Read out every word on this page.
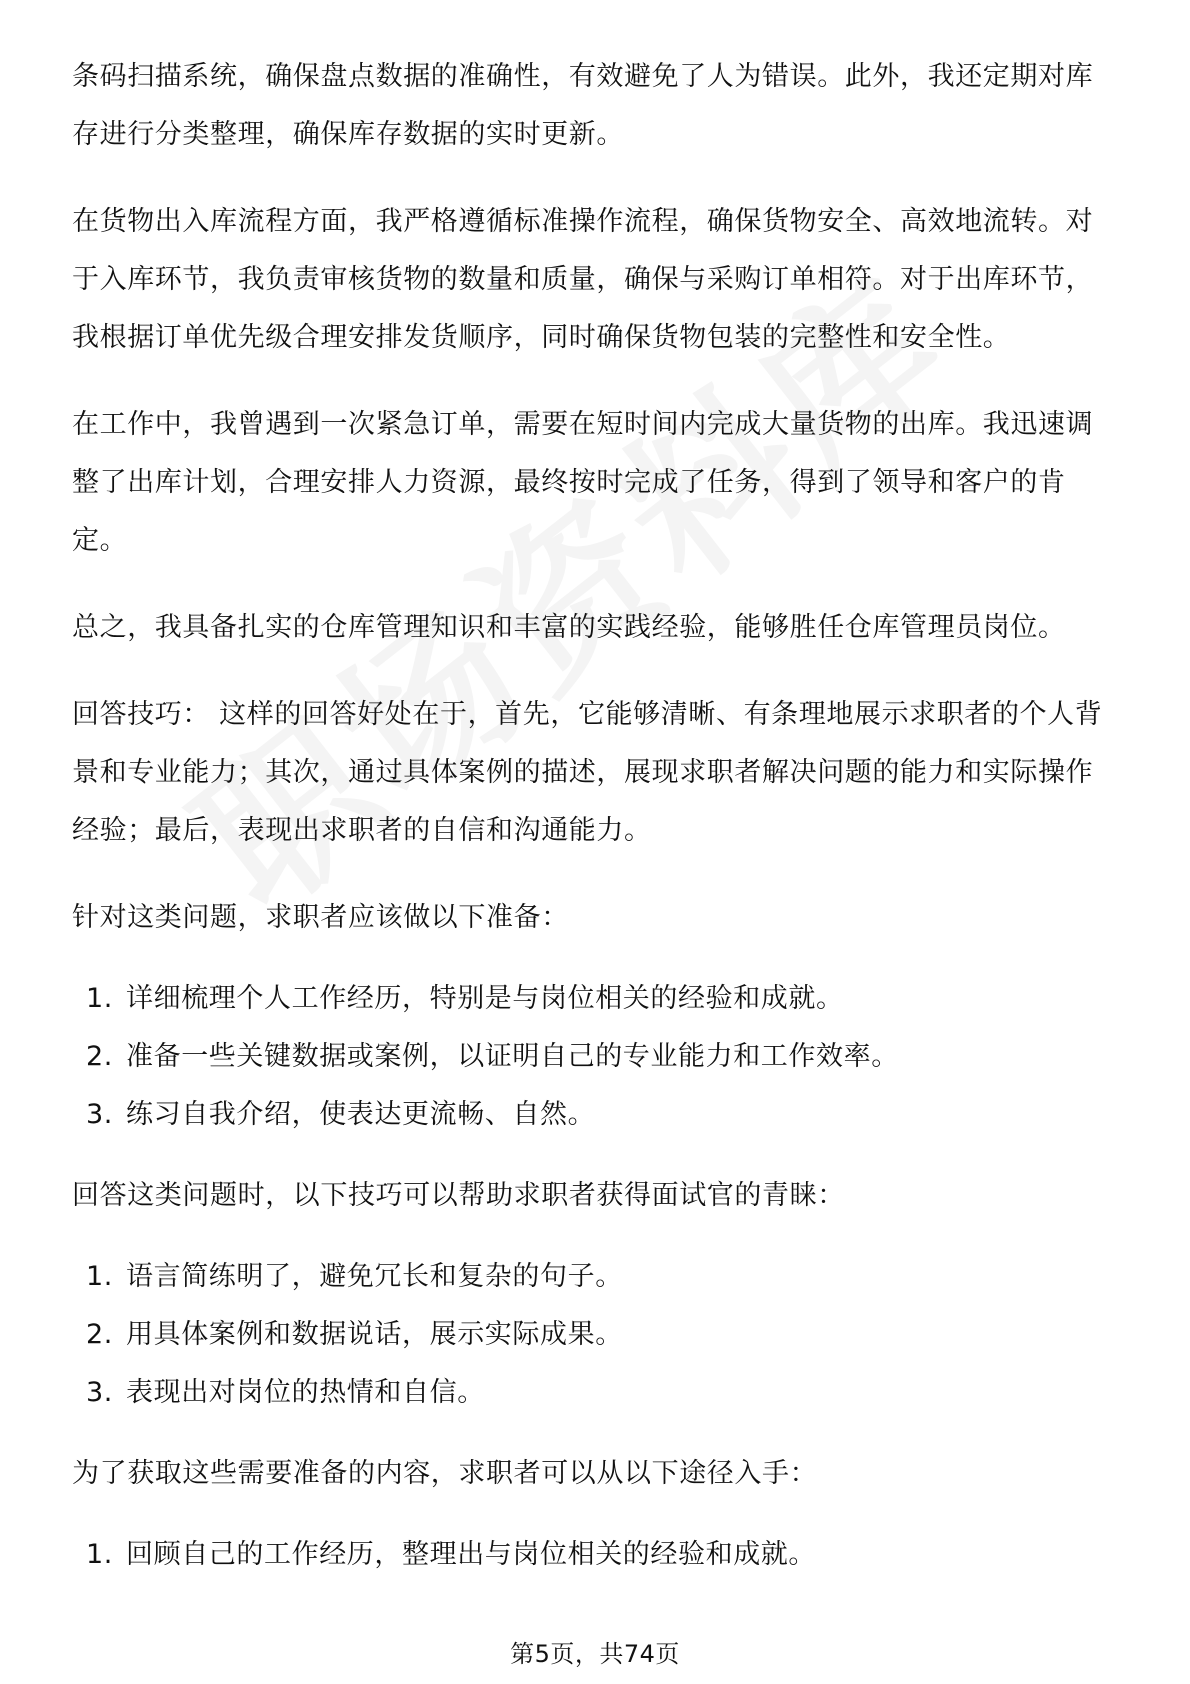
条码扫描系统，确保盘点数据的准确性，有效避免了人为错误。此外，我还定期对库存进行分类整理，确保库存数据的实时更新。

在货物出入库流程方面，我严格遵循标准操作流程，确保货物安全、高效地流转。对于入库环节，我负责审核货物的数量和质量，确保与采购订单相符。对于出库环节，我根据订单优先级合理安排发货顺序，同时确保货物包装的完整性和安全性。

在工作中，我曾遇到一次紧急订单，需要在短时间内完成大量货物的出库。我迅速调整了出库计划，合理安排人力资源，最终按时完成了任务，得到了领导和客户的肯定。

总之，我具备扎实的仓库管理知识和丰富的实践经验，能够胜任仓库管理员岗位。

回答技巧： 这样的回答好处在于，首先，它能够清晰、有条理地展示求职者的个人背景和专业能力；其次，通过具体案例的描述，展现求职者解决问题的能力和实际操作经验；最后，表现出求职者的自信和沟通能力。

针对这类问题，求职者应该做以下准备：

1. 详细梳理个人工作经历，特别是与岗位相关的经验和成就。
2. 准备一些关键数据或案例，以证明自己的专业能力和工作效率。
3. 练习自我介绍，使表达更流畅、自然。

回答这类问题时，以下技巧可以帮助求职者获得面试官的青睐：

1. 语言简练明了，避免冗长和复杂的句子。
2. 用具体案例和数据说话，展示实际成果。
3. 表现出对岗位的热情和自信。

为了获取这些需要准备的内容，求职者可以从以下途径入手：

1. 回顾自己的工作经历，整理出与岗位相关的经验和成就。
第5页，共74页
